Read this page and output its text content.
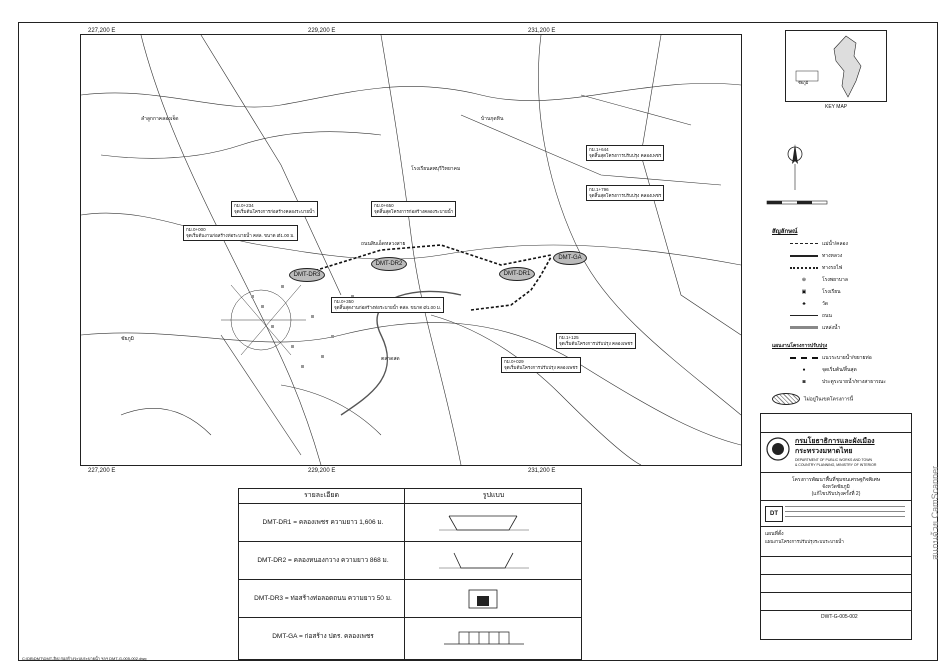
227,200 E	229,200 E	231,200 E
227,200 E	229,200 E	231,200 E
ชัยภูมิ
โรงเรียนลพบุรีวิทยาคม
ถนนสิบเอ็ดหลวงสาย
ลำลูกกาคลองเจ็ด	บ้านกุดหิน
ตลาดสด
กม.0+234
จุดเริ่มต้นโครงการก่อสร้างคลองระบายน้ำ
กม.0+000
จุดเริ่มต้นงานก่อสร้างท่อระบายน้ำ คสล. ขนาด Ø1.00 ม.
กม.0+650
จุดสิ้นสุดโครงการก่อสร้างคลองระบายน้ำ
กม.0+350
จุดสิ้นสุดงานก่อสร้างท่อระบายน้ำ คสล. ขนาด Ø1.00 ม.
กม.1+644
จุดสิ้นสุดโครงการปรับปรุง คลองเพชร
กม.1+796
จุดสิ้นสุดโครงการปรับปรุง คลองเพชร
กม.1+125
จุดเริ่มต้นโครงการปรับปรุง คลองเพชร
กม.0+029
จุดเริ่มต้นโครงการปรับปรุง คลองเพชร
DMT-DR3
DMT-DR2
DMT-DR1
DMT-GA
ชัยภูมิ
KEY MAP
สัญลักษณ์
แม่น้ำ/คลอง
ทางหลวง
ทางรถไฟ
⊕	โรงพยาบาล
▣	โรงเรียน
♣	วัด
ถนน
แหล่งน้ำ
แผนงานโครงการปรับปรุง
แนวระบายน้ำ/ขยายท่อ
●	จุดเริ่มต้น/สิ้นสุด
◙	ประตูระบายน้ำ/ทางสาธารณะ
ไม่อยู่ในเขตโครงการนี้
กรมโยธาธิการและผังเมือง
กระทรวงมหาดไทย
DEPARTMENT OF PUBLIC WORKS AND TOWN
& COUNTRY PLANNING, MINISTRY OF INTERIOR
โครงการพัฒนาพื้นที่ชุมชนเศรษฐกิจพิเศษ
จังหวัดชัยภูมิ
(แก้ไขปรับปรุงครั้งที่ 2)
DT
แผนที่ตั้ง
แผนงานโครงการปรับปรุงระบบระบายน้ำ
DWT-G-005-002
รายละเอียด	รูปแบบ
DMT-DR1 = คลองเพชร ความยาว 1,606 ม.
DMT-DR2 = คลองหนองกวาง ความยาว 868 ม.
DMT-DR3 = ท่อสร้างท่อลอดถนน ความยาว 50 ม.
DMT-GA = ก่อสร้าง ปตร. คลองเพชร
C:\DB\DMT\DMT-ฮิ\ป ก่อสร้างระบบระบายน้ำ ฯลฯ DMT-G-005-002.dwg
สแกนด้วย CamScanner
